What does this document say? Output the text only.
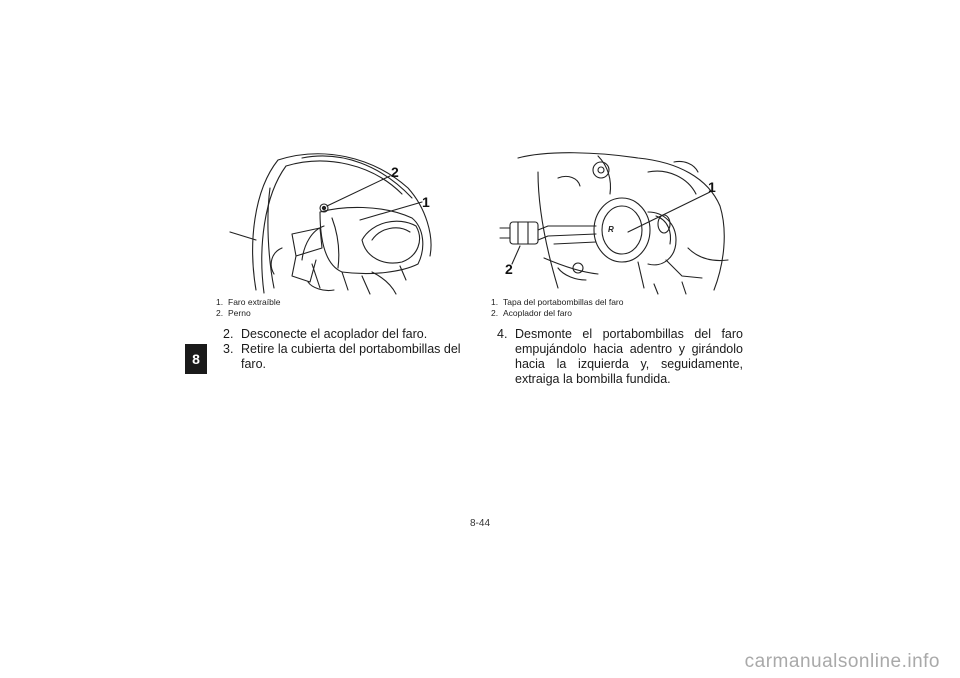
8
2
1
1. Faro extraíble
2. Perno
R
1
2
1. Tapa del portabombillas del faro
2. Acoplador del faro
2. Desconecte el acoplador del faro.
3. Retire la cubierta del portabombillas del faro.
4. Desmonte el portabombillas del faro empujándolo hacia adentro y girándolo hacia la izquierda y, seguidamente, extraiga la bombilla fundida.
8-44
carmanualsonline.info
